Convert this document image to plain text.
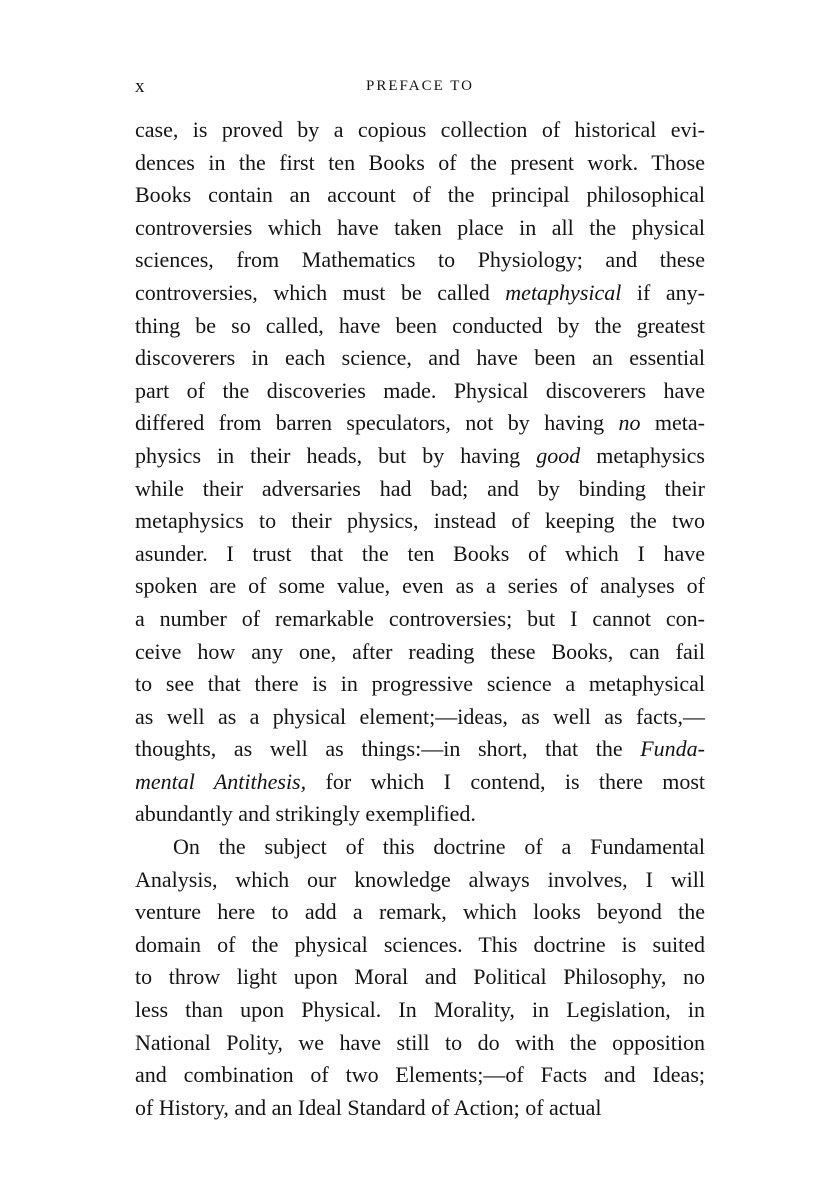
x	PREFACE TO
case, is proved by a copious collection of historical evi-
dences in the first ten Books of the present work. Those
Books contain an account of the principal philosophical
controversies which have taken place in all the physical
sciences, from Mathematics to Physiology; and these
controversies, which must be called metaphysical if any-
thing be so called, have been conducted by the greatest
discoverers in each science, and have been an essential
part of the discoveries made. Physical discoverers have
differed from barren speculators, not by having no meta-
physics in their heads, but by having good metaphysics
while their adversaries had bad; and by binding their
metaphysics to their physics, instead of keeping the two
asunder. I trust that the ten Books of which I have
spoken are of some value, even as a series of analyses of
a number of remarkable controversies; but I cannot con-
ceive how any one, after reading these Books, can fail
to see that there is in progressive science a metaphysical
as well as a physical element;—ideas, as well as facts,—
thoughts, as well as things:—in short, that the Funda-
mental Antithesis, for which I contend, is there most
abundantly and strikingly exemplified.
On the subject of this doctrine of a Fundamental
Analysis, which our knowledge always involves, I will
venture here to add a remark, which looks beyond the
domain of the physical sciences. This doctrine is suited
to throw light upon Moral and Political Philosophy, no
less than upon Physical. In Morality, in Legislation, in
National Polity, we have still to do with the opposition
and combination of two Elements;—of Facts and Ideas;
of History, and an Ideal Standard of Action; of actual
